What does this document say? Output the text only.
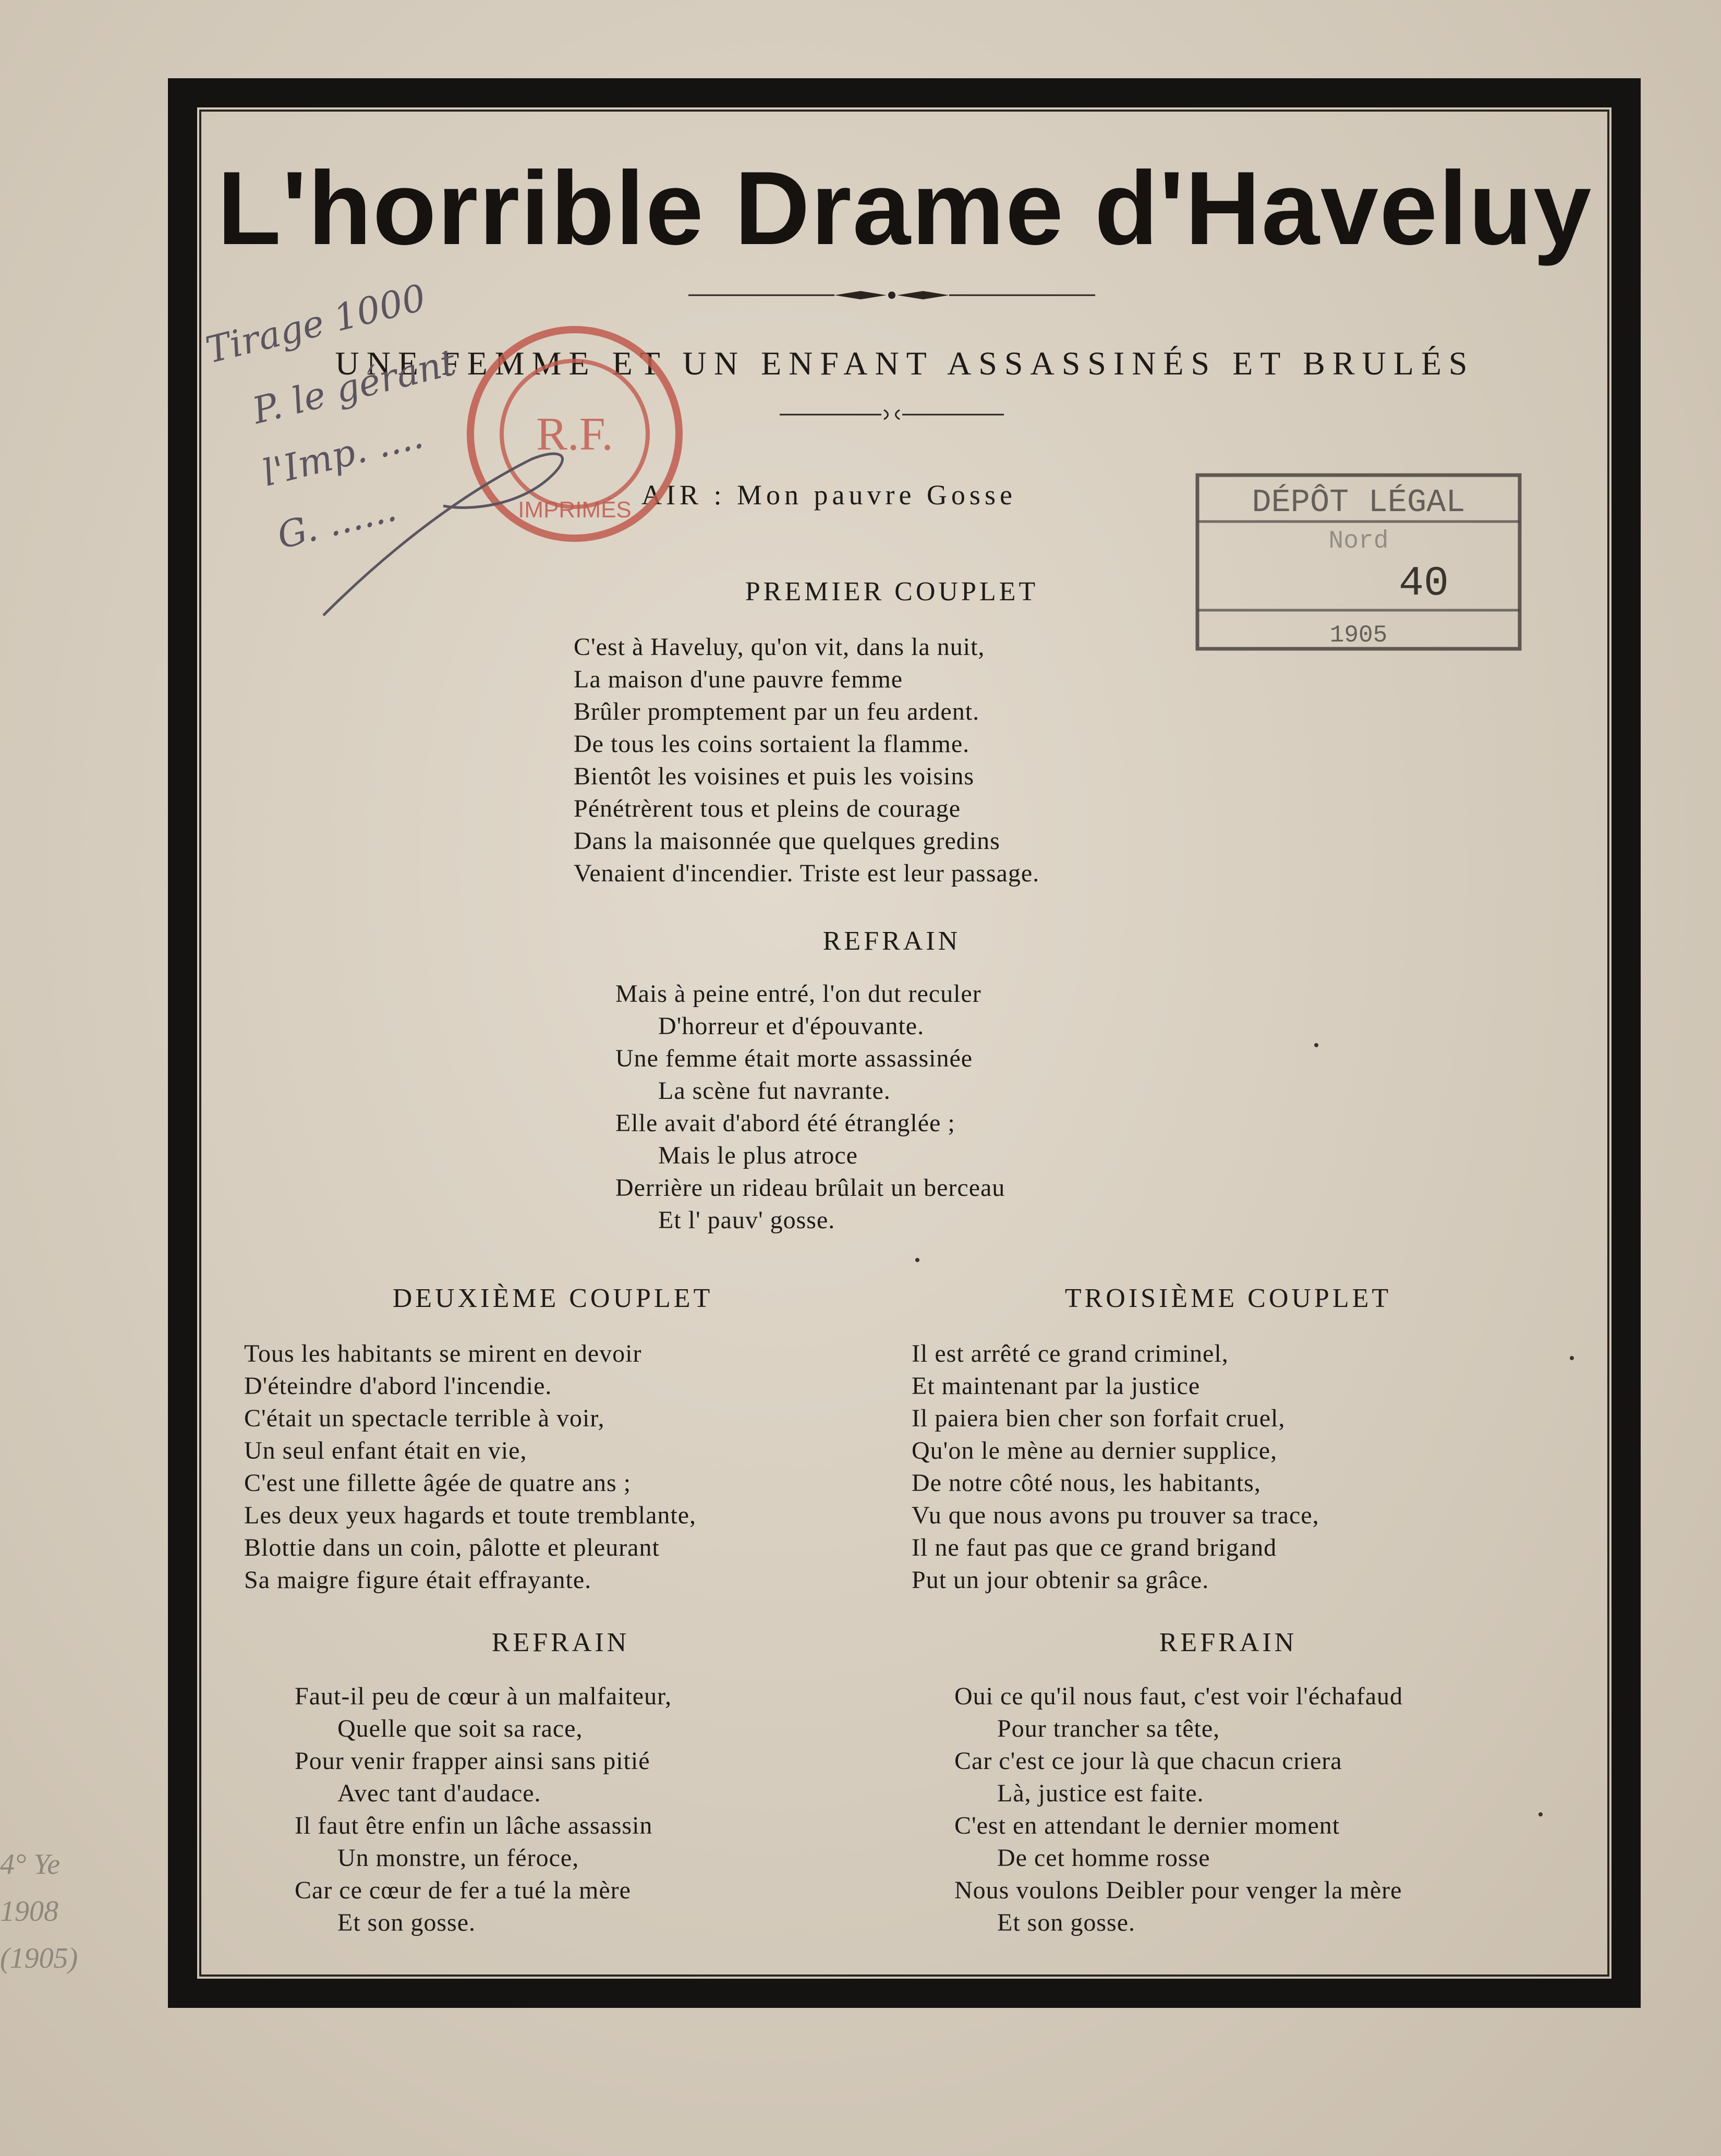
L'horrible Drame d'Haveluy
UNE FEMME ET UN ENFANT ASSASSINÉS ET BRULÉS
AIR : Mon pauvre Gosse
IMPRIMÉS
R.F.
DÉPÔT LÉGAL
Nord
40
1905
Tirage 1000
P. le gérant
l'Imp. ....
G. ......
4° Ye
1908
(1905)
PREMIER COUPLET
C'est à Haveluy, qu'on vit, dans la nuit,
La maison d'une pauvre femme
Brûler promptement par un feu ardent.
De tous les coins sortaient la flamme.
Bientôt les voisines et puis les voisins
Pénétrèrent tous et pleins de courage
Dans la maisonnée que quelques gredins
Venaient d'incendier. Triste est leur passage.
REFRAIN
Mais à peine entré, l'on dut reculer
D'horreur et d'épouvante.
Une femme était morte assassinée
La scène fut navrante.
Elle avait d'abord été étranglée ;
Mais le plus atroce
Derrière un rideau brûlait un berceau
Et l' pauv' gosse.
DEUXIÈME COUPLET
Tous les habitants se mirent en devoir
D'éteindre d'abord l'incendie.
C'était un spectacle terrible à voir,
Un seul enfant était en vie,
C'est une fillette âgée de quatre ans ;
Les deux yeux hagards et toute tremblante,
Blottie dans un coin, pâlotte et pleurant
Sa maigre figure était effrayante.
TROISIÈME COUPLET
Il est arrêté ce grand criminel,
Et maintenant par la justice
Il paiera bien cher son forfait cruel,
Qu'on le mène au dernier supplice,
De notre côté nous, les habitants,
Vu que nous avons pu trouver sa trace,
Il ne faut pas que ce grand brigand
Put un jour obtenir sa grâce.
REFRAIN
Faut-il peu de cœur à un malfaiteur,
Quelle que soit sa race,
Pour venir frapper ainsi sans pitié
Avec tant d'audace.
Il faut être enfin un lâche assassin
Un monstre, un féroce,
Car ce cœur de fer a tué la mère
Et son gosse.
REFRAIN
Oui ce qu'il nous faut, c'est voir l'échafaud
Pour trancher sa tête,
Car c'est ce jour là que chacun criera
Là, justice est faite.
C'est en attendant le dernier moment
De cet homme rosse
Nous voulons Deibler pour venger la mère
Et son gosse.
